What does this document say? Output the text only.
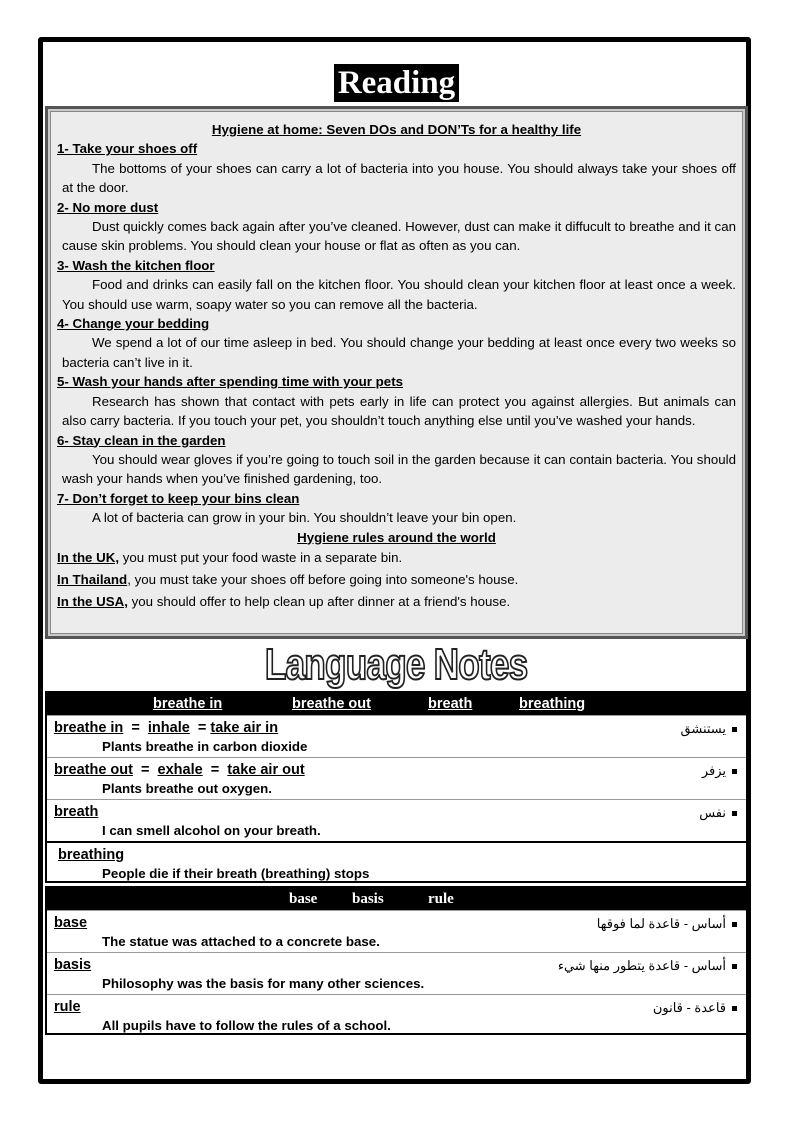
Reading
Hygiene at home: Seven DOs and DON’Ts for a healthy life
1- Take your shoes off
The bottoms of your shoes can carry a lot of bacteria into you house. You should always take your shoes off at the door.
2- No more dust
Dust quickly comes back again after you’ve cleaned. However, dust can make it diffucult to breathe and it can cause skin problems. You should clean your house or flat as often as you can.
3- Wash the kitchen floor
Food and drinks can easily fall on the kitchen floor. You should clean your kitchen floor at least once a week. You should use warm, soapy water so you can remove all the bacteria.
4- Change your bedding
We spend a lot of our time asleep in bed. You should change your bedding at least once every two weeks so bacteria can’t live in it.
5- Wash your hands after spending time with your pets
Research has shown that contact with pets early in life can protect you against allergies. But animals can also carry bacteria. If you touch your pet, you shouldn’t touch anything else until you’ve washed your hands.
6- Stay clean in the garden
You should wear gloves if you’re going to touch soil in the garden because it can contain bacteria. You should wash your hands when you’ve finished gardening, too.
7- Don’t forget to keep your bins clean
A lot of bacteria can grow in your bin. You shouldn’t leave your bin open.
Hygiene rules around the world
In the UK, you must put your food waste in a separate bin.
In Thailand, you must take your shoes off before going into someone's house.
In the USA, you should offer to help clean up after dinner at a friend's house.
Language Notes
breathe in	breathe out	breath	breathing
breathe in = inhale = take air in
Plants breathe in carbon dioxide
يستنشق
breathe out = exhale = take air out
Plants breathe out oxygen.
يزفر
breath
I can smell alcohol on your breath.
نفس
breathing
People die if their breath (breathing) stops
base basis	rule
base
The statue was attached to a concrete base.
أساس - قاعدة لما فوقها
basis
Philosophy was the basis for many other sciences.
أساس - قاعدة يتطور منها شيء
rule
All pupils have to follow the rules of a school.
قاعدة - قانون
